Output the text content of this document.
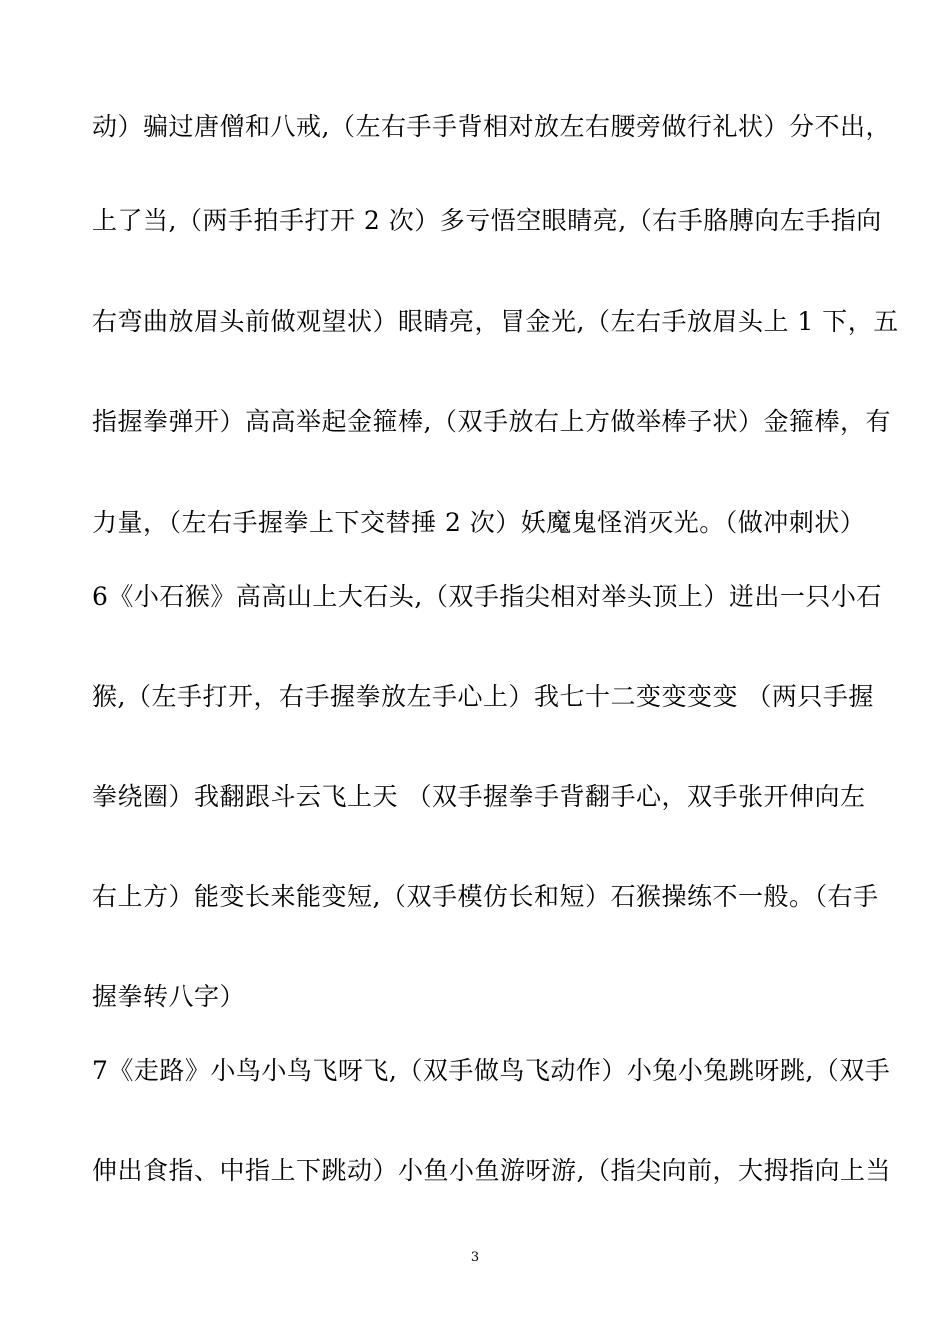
动）骗过唐僧和八戒,（左右手手背相对放左右腰旁做行礼状）分不出，
上了当,（两手拍手打开 2 次）多亏悟空眼睛亮,（右手胳膊向左手指向
右弯曲放眉头前做观望状）眼睛亮，冒金光,（左右手放眉头上 1 下，五
指握拳弹开）高高举起金箍棒,（双手放右上方做举棒子状）金箍棒，有
力量，（左右手握拳上下交替捶 2 次）妖魔鬼怪消灭光。（做冲刺状）
6《小石猴》高高山上大石头,（双手指尖相对举头顶上）迸出一只小石
猴,（左手打开，右手握拳放左手心上）我七十二变变变变 （两只手握
拳绕圈）我翻跟斗云飞上天 （双手握拳手背翻手心，双手张开伸向左
右上方）能变长来能变短,（双手模仿长和短）石猴操练不一般。（右手
握拳转八字）
7《走路》小鸟小鸟飞呀飞,（双手做鸟飞动作）小兔小兔跳呀跳,（双手
伸出食指、中指上下跳动）小鱼小鱼游呀游,（指尖向前，大拇指向上当
3
